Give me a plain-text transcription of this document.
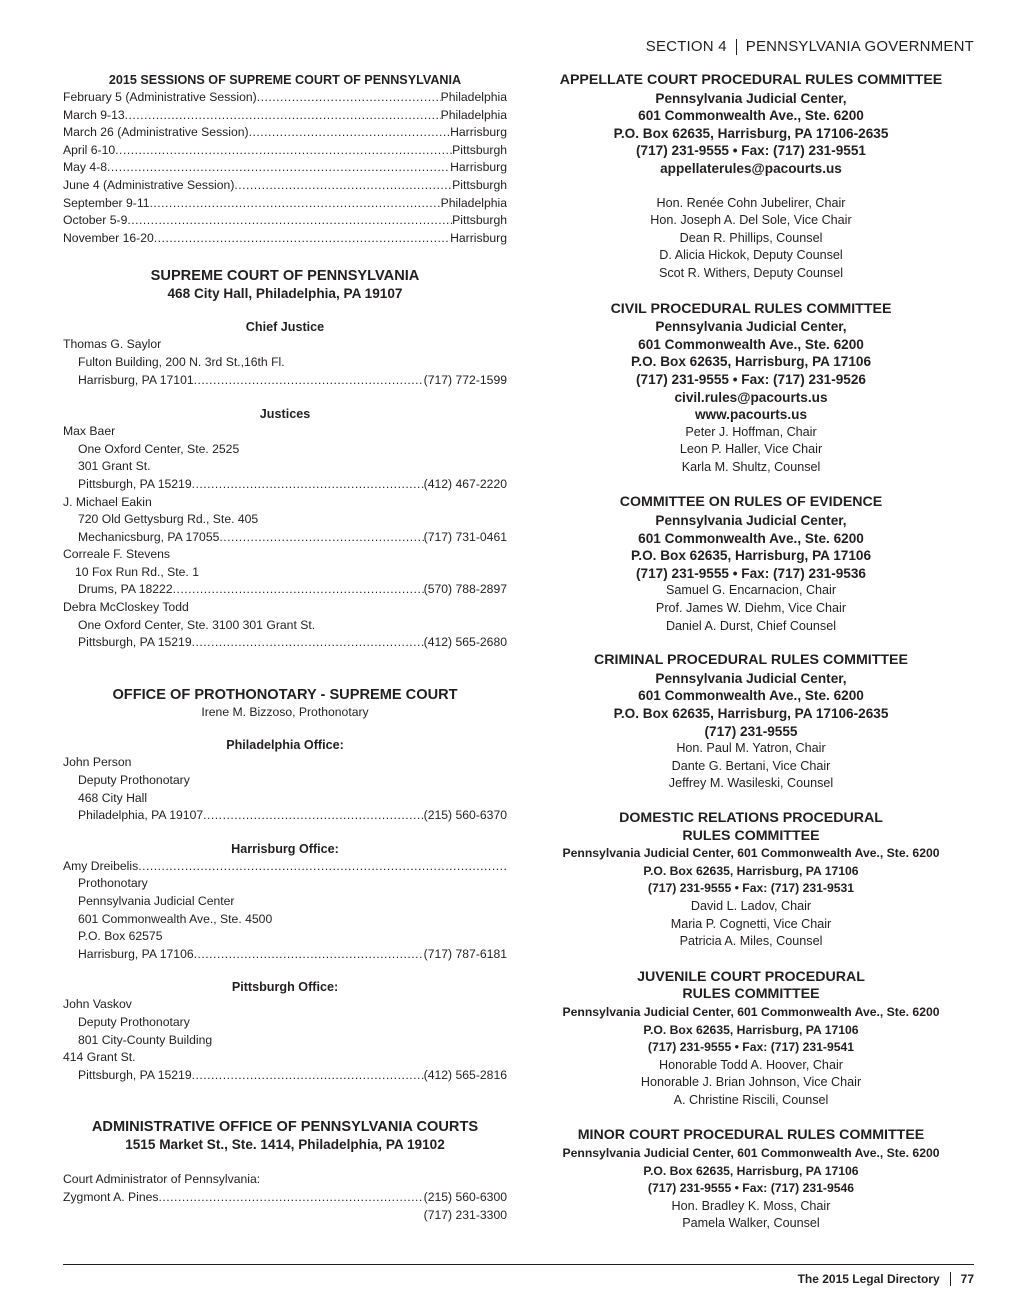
SECTION 4 PENNSYLVANIA GOVERNMENT
2015 SESSIONS OF SUPREME COURT OF PENNSYLVANIA
February 5 (Administrative Session) .....	Philadelphia
March 9-13 .....	Philadelphia
March 26 (Administrative Session) .....	Harrisburg
April 6-10 .....	Pittsburgh
May 4-8 .....	Harrisburg
June 4 (Administrative Session) .....	Pittsburgh
September 9-11 .....	Philadelphia
October 5-9 .....	Pittsburgh
November 16-20 .....	Harrisburg
SUPREME COURT OF PENNSYLVANIA
468 City Hall, Philadelphia, PA 19107
Chief Justice
Thomas G. Saylor
Fulton Building, 200 N. 3rd St.,16th Fl.
Harrisburg, PA 17101 .....	(717) 772-1599
Justices
Max Baer
One Oxford Center, Ste. 2525
301 Grant St.
Pittsburgh, PA 15219 .....	(412) 467-2220
J. Michael Eakin
720 Old Gettysburg Rd., Ste. 405
Mechanicsburg, PA 17055 .....	(717) 731-0461
Correale F. Stevens
10 Fox Run Rd., Ste. 1
Drums, PA 18222 .....	(570) 788-2897
Debra McCloskey Todd
One Oxford Center, Ste. 3100 301 Grant St.
Pittsburgh, PA 15219 .....	(412) 565-2680
OFFICE OF PROTHONOTARY - SUPREME COURT
Irene M. Bizzoso, Prothonotary
Philadelphia Office:
John Person
Deputy Prothonotary
468 City Hall
Philadelphia, PA 19107 .....	(215) 560-6370
Harrisburg Office:
Amy Dreibelis
.....
Prothonotary
Pennsylvania Judicial Center
601 Commonwealth Ave., Ste. 4500
P.O. Box 62575
Harrisburg, PA 17106 .....	(717) 787-6181
Pittsburgh Office:
John Vaskov
Deputy Prothonotary
801 City-County Building
414 Grant St.
Pittsburgh, PA 15219 .....	(412) 565-2816
ADMINISTRATIVE OFFICE OF PENNSYLVANIA COURTS
1515 Market St., Ste. 1414, Philadelphia, PA 19102
Court Administrator of Pennsylvania:
Zygmont A. Pines .....	(215) 560-6300
(717) 231-3300
APPELLATE COURT PROCEDURAL RULES COMMITTEE
Pennsylvania Judicial Center,
601 Commonwealth Ave., Ste. 6200
P.O. Box 62635, Harrisburg, PA 17106-2635
(717) 231-9555 • Fax: (717) 231-9551
appellaterules@pacourts.us
Hon. Renée Cohn Jubelirer, Chair
Hon. Joseph A. Del Sole, Vice Chair
Dean R. Phillips, Counsel
D. Alicia Hickok, Deputy Counsel
Scot R. Withers, Deputy Counsel
CIVIL PROCEDURAL RULES COMMITTEE
Pennsylvania Judicial Center,
601 Commonwealth Ave., Ste. 6200
P.O. Box 62635, Harrisburg, PA 17106
(717) 231-9555 • Fax: (717) 231-9526
civil.rules@pacourts.us
www.pacourts.us
Peter J. Hoffman, Chair
Leon P. Haller, Vice Chair
Karla M. Shultz, Counsel
COMMITTEE ON RULES OF EVIDENCE
Pennsylvania Judicial Center,
601 Commonwealth Ave., Ste. 6200
P.O. Box 62635, Harrisburg, PA 17106
(717) 231-9555 • Fax: (717) 231-9536
Samuel G. Encarnacion, Chair
Prof. James W. Diehm, Vice Chair
Daniel A. Durst, Chief Counsel
CRIMINAL PROCEDURAL RULES COMMITTEE
Pennsylvania Judicial Center,
601 Commonwealth Ave., Ste. 6200
P.O. Box 62635, Harrisburg, PA 17106-2635
(717) 231-9555
Hon. Paul M. Yatron, Chair
Dante G. Bertani, Vice Chair
Jeffrey M. Wasileski, Counsel
DOMESTIC RELATIONS PROCEDURAL
RULES COMMITTEE
Pennsylvania Judicial Center, 601 Commonwealth Ave., Ste. 6200
P.O. Box 62635, Harrisburg, PA 17106
(717) 231-9555 • Fax: (717) 231-9531
David L. Ladov, Chair
Maria P. Cognetti, Vice Chair
Patricia A. Miles, Counsel
JUVENILE COURT PROCEDURAL
RULES COMMITTEE
Pennsylvania Judicial Center, 601 Commonwealth Ave., Ste. 6200
P.O. Box 62635, Harrisburg, PA 17106
(717) 231-9555 • Fax: (717) 231-9541
Honorable Todd A. Hoover, Chair
Honorable J. Brian Johnson, Vice Chair
A. Christine Riscili, Counsel
MINOR COURT PROCEDURAL RULES COMMITTEE
Pennsylvania Judicial Center, 601 Commonwealth Ave., Ste. 6200
P.O. Box 62635, Harrisburg, PA 17106
(717) 231-9555 • Fax: (717) 231-9546
Hon. Bradley K. Moss, Chair
Pamela Walker, Counsel
The 2015 Legal Directory 77
